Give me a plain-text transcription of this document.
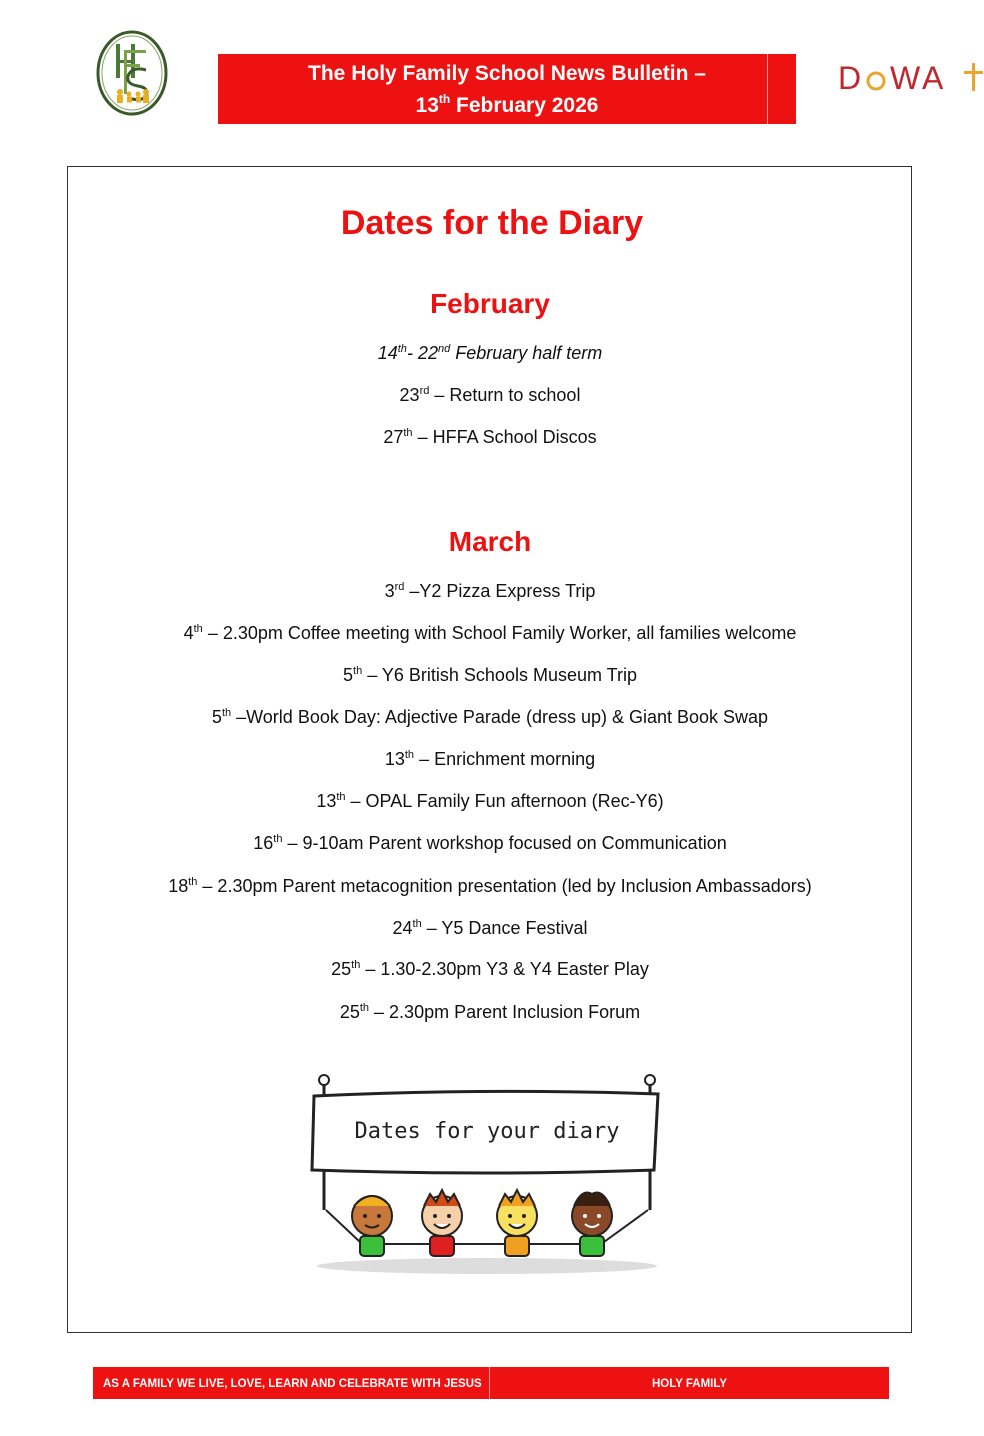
The Holy Family School News Bulletin –
13th February 2026
D WA
Dates for the Diary
February
14th- 22nd February half term
23rd – Return to school
27th – HFFA School Discos
March
3rd –Y2 Pizza Express Trip
4th – 2.30pm Coffee meeting with School Family Worker, all families welcome
5th – Y6 British Schools Museum Trip
5th –World Book Day: Adjective Parade (dress up) & Giant Book Swap
13th – Enrichment morning
13th – OPAL Family Fun afternoon (Rec-Y6)
16th – 9-10am Parent workshop focused on Communication
18th – 2.30pm Parent metacognition presentation (led by Inclusion Ambassadors)
24th – Y5 Dance Festival
25th – 1.30-2.30pm Y3 & Y4 Easter Play
25th – 2.30pm Parent Inclusion Forum
Dates for your diary
AS A FAMILY WE LIVE, LOVE, LEARN AND CELEBRATE WITH JESUS	HOLY FAMILY
